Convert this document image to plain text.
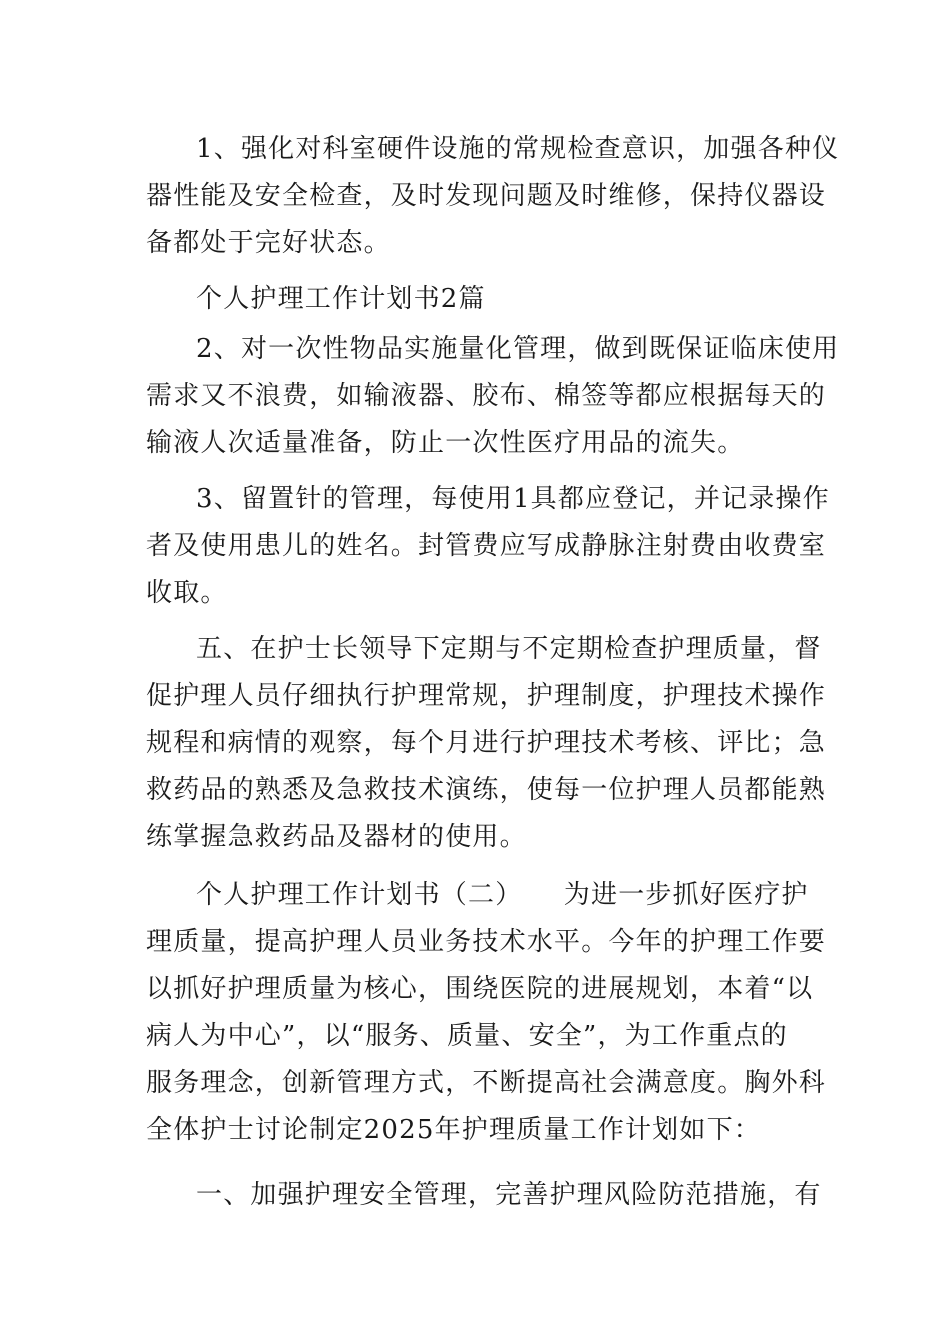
1、强化对科室硬件设施的常规检查意识，加强各种仪
器性能及安全检查，及时发现问题及时维修，保持仪器设
备都处于完好状态。
个人护理工作计划书2篇
2、对一次性物品实施量化管理，做到既保证临床使用
需求又不浪费，如输液器、胶布、棉签等都应根据每天的
输液人次适量准备，防止一次性医疗用品的流失。
3、留置针的管理，每使用1具都应登记，并记录操作
者及使用患儿的姓名。封管费应写成静脉注射费由收费室
收取。
五、在护士长领导下定期与不定期检查护理质量，督
促护理人员仔细执行护理常规，护理制度，护理技术操作
规程和病情的观察，每个月进行护理技术考核、评比；急
救药品的熟悉及急救技术演练，使每一位护理人员都能熟
练掌握急救药品及器材的使用。
个人护理工作计划书（二）　　为进一步抓好医疗护
理质量，提高护理人员业务技术水平。今年的护理工作要
以抓好护理质量为核心，围绕医院的进展规划，本着“以
病人为中心”，以“服务、质量、安全”，为工作重点的
服务理念，创新管理方式，不断提高社会满意度。胸外科
全体护士讨论制定2025年护理质量工作计划如下：
一、加强护理安全管理，完善护理风险防范措施，有
